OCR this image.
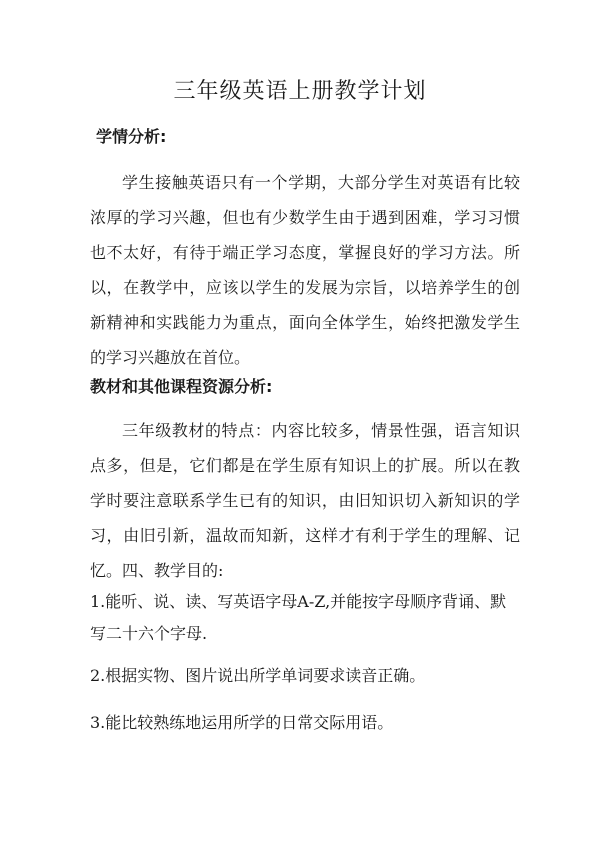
三年级英语上册教学计划
学情分析:

学生接触英语只有一个学期，大部分学生对英语有比较浓厚的学习兴趣，但也有少数学生由于遇到困难，学习习惯也不太好，有待于端正学习态度，掌握良好的学习方法。所以，在教学中，应该以学生的发展为宗旨，以培养学生的创新精神和实践能力为重点，面向全体学生，始终把激发学生的学习兴趣放在首位。

教材和其他课程资源分析:

三年级教材的特点：内容比较多，情景性强，语言知识点多，但是，它们都是在学生原有知识上的扩展。所以在教学时要注意联系学生已有的知识，由旧知识切入新知识的学习，由旧引新，温故而知新，这样才有利于学生的理解、记忆。四、教学目的:

1.能听、说、读、写英语字母A-Z,并能按字母顺序背诵、默写二十六个字母.

2.根据实物、图片说出所学单词要求读音正确。

3.能比较熟练地运用所学的日常交际用语。
